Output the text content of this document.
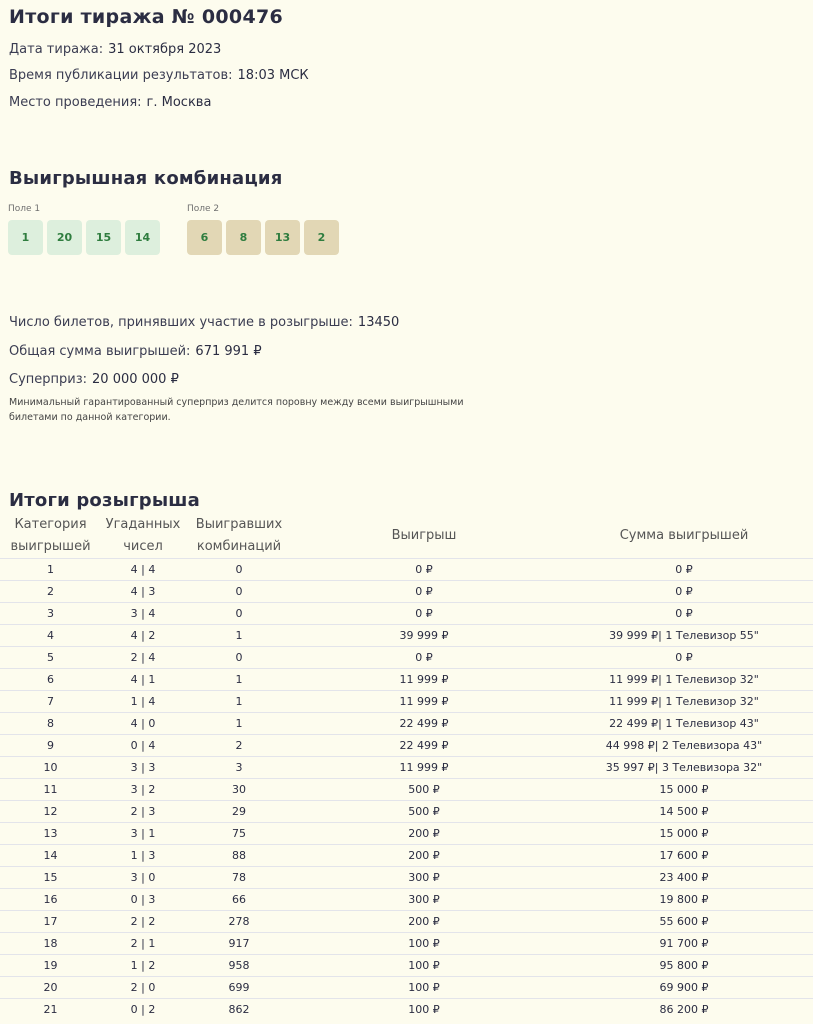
Итоги тиража № 000476
Дата тиража: 31 октября 2023
Время публикации результатов: 18:03 МСК
Место проведения: г. Москва
Выигрышная комбинация
Поле 1
1	20	15	14
Поле 2
6	8	13	2
Число билетов, принявших участие в розыгрыше: 13450
Общая сумма выигрышей: 671 991 ₽
Суперприз: 20 000 000 ₽
Минимальный гарантированный суперприз делится поровну между всеми выигрышными билетами по данной категории.
Итоги розыгрыша
Категория выигрышей	Угаданных чисел	Выигравших комбинаций	Выигрыш	Сумма выигрышей
1	4 | 4	0	0 ₽	0 ₽
2	4 | 3	0	0 ₽	0 ₽
3	3 | 4	0	0 ₽	0 ₽
4	4 | 2	1	39 999 ₽	39 999 ₽| 1 Телевизор 55"
5	2 | 4	0	0 ₽	0 ₽
6	4 | 1	1	11 999 ₽	11 999 ₽| 1 Телевизор 32"
7	1 | 4	1	11 999 ₽	11 999 ₽| 1 Телевизор 32"
8	4 | 0	1	22 499 ₽	22 499 ₽| 1 Телевизор 43"
9	0 | 4	2	22 499 ₽	44 998 ₽| 2 Телевизора 43"
10	3 | 3	3	11 999 ₽	35 997 ₽| 3 Телевизора 32"
11	3 | 2	30	500 ₽	15 000 ₽
12	2 | 3	29	500 ₽	14 500 ₽
13	3 | 1	75	200 ₽	15 000 ₽
14	1 | 3	88	200 ₽	17 600 ₽
15	3 | 0	78	300 ₽	23 400 ₽
16	0 | 3	66	300 ₽	19 800 ₽
17	2 | 2	278	200 ₽	55 600 ₽
18	2 | 1	917	100 ₽	91 700 ₽
19	1 | 2	958	100 ₽	95 800 ₽
20	2 | 0	699	100 ₽	69 900 ₽
21	0 | 2	862	100 ₽	86 200 ₽
